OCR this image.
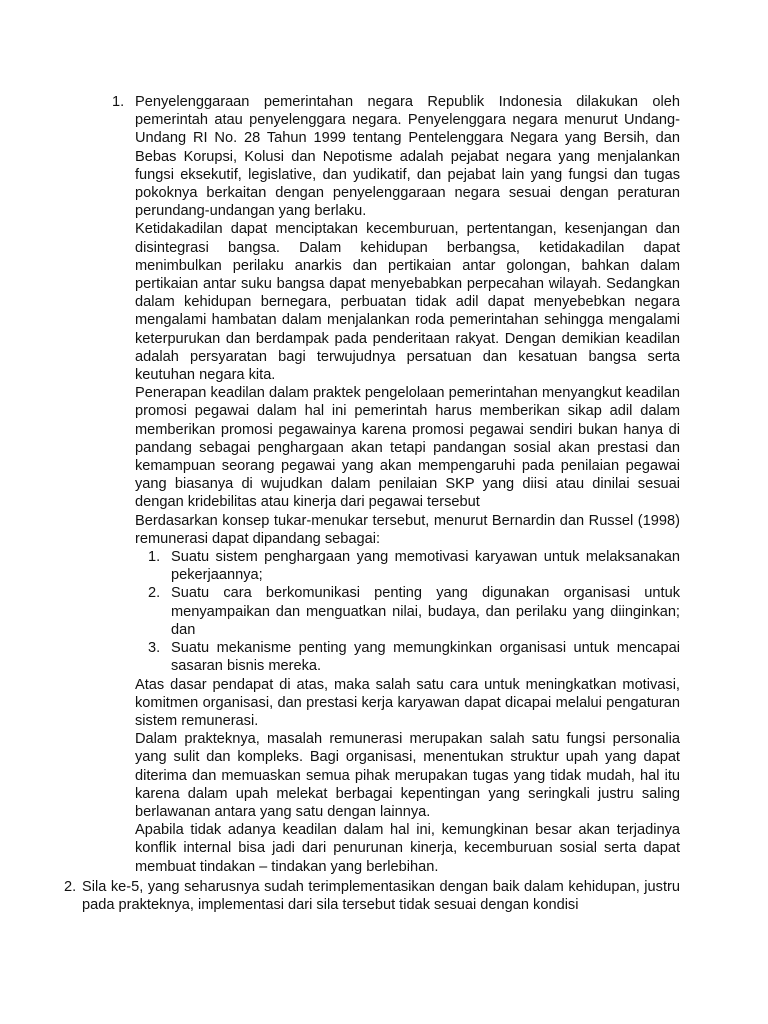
1. Penyelenggaraan pemerintahan negara Republik Indonesia dilakukan oleh pemerintah atau penyelenggara negara. Penyelenggara negara menurut Undang-Undang RI No. 28 Tahun 1999 tentang Pentelenggara Negara yang Bersih, dan Bebas Korupsi, Kolusi dan Nepotisme adalah pejabat negara yang menjalankan fungsi eksekutif, legislative, dan yudikatif, dan pejabat lain yang fungsi dan tugas pokoknya berkaitan dengan penyelenggaraan negara sesuai dengan peraturan perundang-undangan yang berlaku.

Ketidakadilan dapat menciptakan kecemburuan, pertentangan, kesenjangan dan disintegrasi bangsa. Dalam kehidupan berbangsa, ketidakadilan dapat menimbulkan perilaku anarkis dan pertikaian antar golongan, bahkan dalam pertikaian antar suku bangsa dapat menyebabkan perpecahan wilayah. Sedangkan dalam kehidupan bernegara, perbuatan tidak adil dapat menyebebkan negara mengalami hambatan dalam menjalankan roda pemerintahan sehingga mengalami keterpurukan dan berdampak pada penderitaan rakyat. Dengan demikian keadilan adalah persyaratan bagi terwujudnya persatuan dan kesatuan bangsa serta keutuhan negara kita.

Penerapan keadilan dalam praktek pengelolaan pemerintahan menyangkut keadilan promosi pegawai dalam hal ini pemerintah harus memberikan sikap adil dalam memberikan promosi pegawainya karena promosi pegawai sendiri bukan hanya di pandang sebagai penghargaan akan tetapi pandangan sosial akan prestasi dan kemampuan seorang pegawai yang akan mempengaruhi pada penilaian pegawai yang biasanya di wujudkan dalam penilaian SKP yang diisi atau dinilai sesuai dengan kridebilitas atau kinerja dari pegawai tersebut

Berdasarkan konsep tukar-menukar tersebut, menurut Bernardin dan Russel (1998) remunerasi dapat dipandang sebagai:

1. Suatu sistem penghargaan yang memotivasi karyawan untuk melaksanakan pekerjaannya;
2. Suatu cara berkomunikasi penting yang digunakan organisasi untuk menyampaikan dan menguatkan nilai, budaya, dan perilaku yang diinginkan; dan
3. Suatu mekanisme penting yang memungkinkan organisasi untuk mencapai sasaran bisnis mereka.

Atas dasar pendapat di atas, maka salah satu cara untuk meningkatkan motivasi, komitmen organisasi, dan prestasi kerja karyawan dapat dicapai melalui pengaturan sistem remunerasi.

Dalam prakteknya, masalah remunerasi merupakan salah satu fungsi personalia yang sulit dan kompleks. Bagi organisasi, menentukan struktur upah yang dapat diterima dan memuaskan semua pihak merupakan tugas yang tidak mudah, hal itu karena dalam upah melekat berbagai kepentingan yang seringkali justru saling berlawanan antara yang satu dengan lainnya.

Apabila tidak adanya keadilan dalam hal ini, kemungkinan besar akan terjadinya konflik internal bisa jadi dari penurunan kinerja, kecemburuan sosial serta dapat membuat tindakan – tindakan yang berlebihan.

2. Sila ke-5, yang seharusnya sudah terimplementasikan dengan baik dalam kehidupan, justru pada prakteknya, implementasi dari sila tersebut tidak sesuai dengan kondisi
